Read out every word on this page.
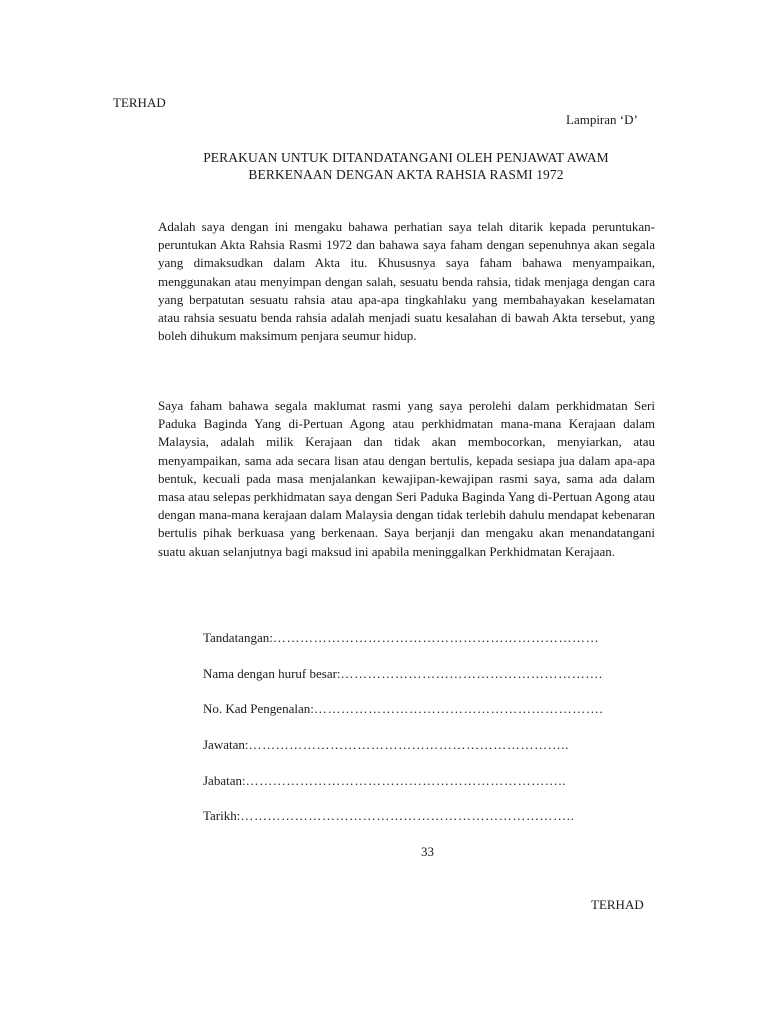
TERHAD
Lampiran ‘D’
PERAKUAN UNTUK DITANDATANGANI OLEH PENJAWAT AWAM
BERKENAAN DENGAN AKTA RAHSIA RASMI 1972

Adalah saya dengan ini mengaku bahawa perhatian saya telah ditarik kepada peruntukan-peruntukan Akta Rahsia Rasmi 1972 dan bahawa saya faham dengan sepenuhnya akan segala yang dimaksudkan dalam Akta itu. Khususnya saya faham bahawa menyampaikan, menggunakan atau menyimpan dengan salah, sesuatu benda rahsia, tidak menjaga dengan cara yang berpatutan sesuatu rahsia atau apa-apa tingkahlaku yang membahayakan keselamatan atau rahsia sesuatu benda rahsia adalah menjadi suatu kesalahan di bawah Akta tersebut, yang boleh dihukum maksimum penjara seumur hidup.

Saya faham bahawa segala maklumat rasmi yang saya perolehi dalam perkhidmatan Seri Paduka Baginda Yang di-Pertuan Agong atau perkhidmatan mana-mana Kerajaan dalam Malaysia, adalah milik Kerajaan dan tidak akan membocorkan, menyiarkan, atau menyampaikan, sama ada secara lisan atau dengan bertulis, kepada sesiapa jua dalam apa-apa bentuk, kecuali pada masa menjalankan kewajipan-kewajipan rasmi saya, sama ada dalam masa atau selepas perkhidmatan saya dengan Seri Paduka Baginda Yang di-Pertuan Agong atau dengan mana-mana kerajaan dalam Malaysia dengan tidak terlebih dahulu mendapat kebenaran bertulis pihak berkuasa yang berkenaan. Saya berjanji dan mengaku akan menandatangani suatu akuan selanjutnya bagi maksud ini apabila meninggalkan Perkhidmatan Kerajaan.

Tandatangan:………………………………………………………………
Nama dengan huruf besar:………………………………………………….
No. Kad Pengenalan:……………………………………………………….
Jawatan:……………………………………………………………..
Jabatan:……………………………………………………………..
Tarikh:………………………………………………………………..
33
TERHAD
